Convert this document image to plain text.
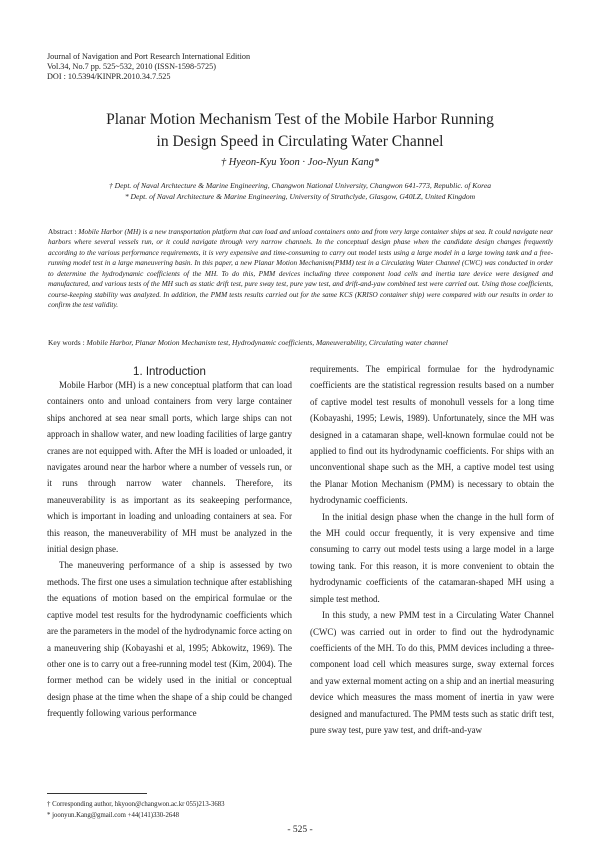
Journal of Navigation and Port Research International Edition
Vol.34, No.7 pp. 525~532, 2010 (ISSN-1598-5725)
DOI : 10.5394/KINPR.2010.34.7.525
Planar Motion Mechanism Test of the Mobile Harbor Running
in Design Speed in Circulating Water Channel
† Hyeon-Kyu Yoon · Joo-Nyun Kang*
† Dept. of Naval Archtecture & Marine Engineering, Changwon National University, Changwon 641-773, Republic. of Korea
* Dept. of Naval Architecture & Marine Engineering, University of Strathclyde, Glasgow, G40LZ, United Kingdom
Abstract : Mobile Harbor (MH) is a new transportation platform that can load and unload containers onto and from very large container ships at sea. It could navigate near harbors where several vessels run, or it could navigate through very narrow channels. In the conceptual design phase when the candidate design changes frequently according to the various performance requirements, it is very expensive and time-consuming to carry out model tests using a large model in a large towing tank and a free-running model test in a large maneuvering basin. In this paper, a new Planar Motion Mechanism(PMM) test in a Circulating Water Channel (CWC) was conducted in order to determine the hydrodynamic coefficients of the MH. To do this, PMM devices including three component load cells and inertia tare device were designed and manufactured, and various tests of the MH such as static drift test, pure sway test, pure yaw test, and drift-and-yaw combined test were carried out. Using those coefficients, course-keeping stability was analyzed. In addition, the PMM tests results carried out for the same KCS (KRISO container ship) were compared with our results in order to confirm the test validity.
Key words : Mobile Harbor, Planar Motion Mechanism test, Hydrodynamic coefficients, Maneuverability, Circulating water channel
1. Introduction

Mobile Harbor (MH) is a new conceptual platform that can load containers onto and unload containers from very large container ships anchored at sea near small ports, which large ships can not approach in shallow water, and new loading facilities of large gantry cranes are not equipped with. After the MH is loaded or unloaded, it navigates around near the harbor where a number of vessels run, or it runs through narrow water channels. Therefore, its maneuverability is as important as its seakeeping performance, which is important in loading and unloading containers at sea. For this reason, the maneuverability of MH must be analyzed in the initial design phase.

The maneuvering performance of a ship is assessed by two methods. The first one uses a simulation technique after establishing the equations of motion based on the empirical formulae or the captive model test results for the hydrodynamic coefficients which are the parameters in the model of the hydrodynamic force acting on a maneuvering ship (Kobayashi et al, 1995; Abkowitz, 1969). The other one is to carry out a free-running model test (Kim, 2004). The former method can be widely used in the initial or conceptual design phase at the time when the shape of a ship could be changed frequently following various performance

requirements. The empirical formulae for the hydrodynamic coefficients are the statistical regression results based on a number of captive model test results of monohull vessels for a long time (Kobayashi, 1995; Lewis, 1989). Unfortunately, since the MH was designed in a catamaran shape, well-known formulae could not be applied to find out its hydrodynamic coefficients. For ships with an unconventional shape such as the MH, a captive model test using the Planar Motion Mechanism (PMM) is necessary to obtain the hydrodynamic coefficients.

In the initial design phase when the change in the hull form of the MH could occur frequently, it is very expensive and time consuming to carry out model tests using a large model in a large towing tank. For this reason, it is more convenient to obtain the hydrodynamic coefficients of the catamaran-shaped MH using a simple test method.

In this study, a new PMM test in a Circulating Water Channel (CWC) was carried out in order to find out the hydrodynamic coefficients of the MH. To do this, PMM devices including a three-component load cell which measures surge, sway external forces and yaw external moment acting on a ship and an inertial measuring device which measures the mass moment of inertia in yaw were designed and manufactured. The PMM tests such as static drift test, pure sway test, pure yaw test, and drift-and-yaw

† Corresponding author, hkyoon@changwon.ac.kr 055)213-3683
* joonyun.Kang@gmail.com +44(141)330-2648
- 525 -
